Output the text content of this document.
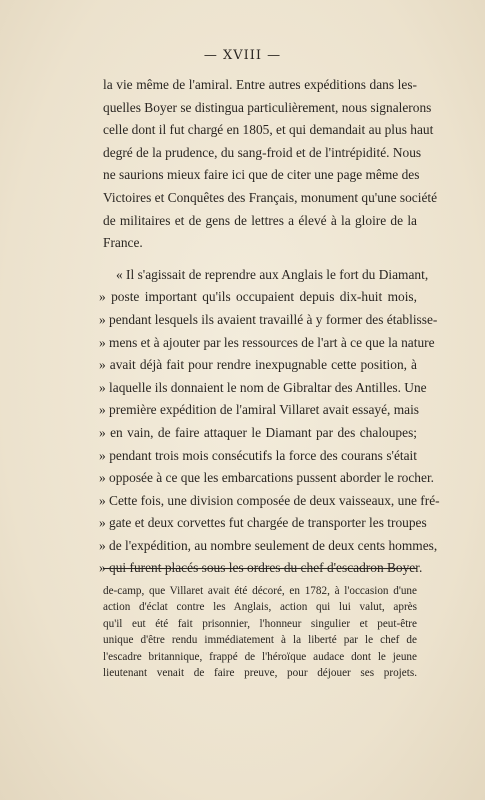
— XVIII —
la vie même de l'amiral. Entre autres expéditions dans les-
quelles Boyer se distingua particulièrement, nous signalerons
celle dont il fut chargé en 1805, et qui demandait au plus haut
degré de la prudence, du sang-froid et de l'intrépidité. Nous
ne saurions mieux faire ici que de citer une page même des
Victoires et Conquêtes des Français, monument qu'une société
de militaires et de gens de lettres a élevé à la gloire de la
France.
« Il s'agissait de reprendre aux Anglais le fort du Diamant,
» poste important qu'ils occupaient depuis dix-huit mois,
» pendant lesquels ils avaient travaillé à y former des établisse-
» mens et à ajouter par les ressources de l'art à ce que la nature
» avait déjà fait pour rendre inexpugnable cette position, à
» laquelle ils donnaient le nom de Gibraltar des Antilles. Une
» première expédition de l'amiral Villaret avait essayé, mais
» en vain, de faire attaquer le Diamant par des chaloupes;
» pendant trois mois consécutifs la force des courans s'était
» opposée à ce que les embarcations pussent aborder le rocher.
» Cette fois, une division composée de deux vaisseaux, une fré-
» gate et deux corvettes fut chargée de transporter les troupes
» de l'expédition, au nombre seulement de deux cents hommes,
» qui furent placés sous les ordres du chef d'escadron Boyer.
de-camp, que Villaret avait été décoré, en 1782, à l'occasion d'une
action d'éclat contre les Anglais, action qui lui valut, après
qu'il eut été fait prisonnier, l'honneur singulier et peut-être
unique d'être rendu immédiatement à la liberté par le chef de
l'escadre britannique, frappé de l'héroïque audace dont le jeune
lieutenant venait de faire preuve, pour déjouer ses projets.
